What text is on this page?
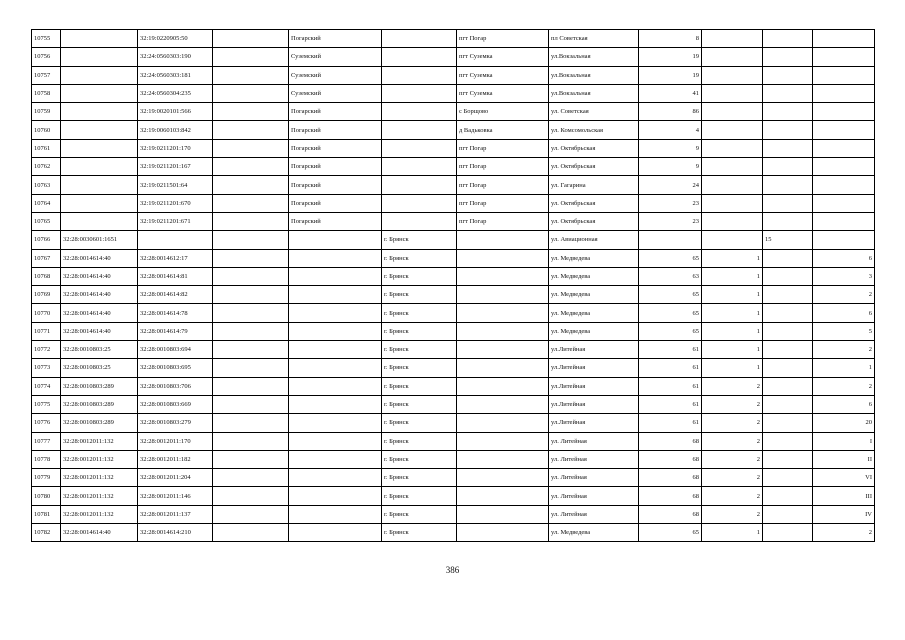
10755		32:19:0220905:50		Погарский		пгт Погар	пл Советская	8			
10756		32:24:0560303:190		Суземский		пгт Суземка	ул.Вокзальная	19			
10757		32:24:0560303:181		Суземский		пгт Суземка	ул.Вокзальная	19			
10758		32:24:0560304:235		Суземский		пгт Суземка	ул.Вокзальная	41			
10759		32:19:0020101:566		Погарский		с Борщово	ул. Советская	86			
10760		32:19:0060103:842		Погарский		д Вадьковка	ул. Комсомольская	4			
10761		32:19:0211201:170		Погарский		пгт Погар	ул. Октябрьская	9			
10762		32:19:0211201:167		Погарский		пгт Погар	ул. Октябрьская	9			
10763		32:19:0211501:64		Погарский		пгт Погар	ул. Гагарина	24			
10764		32:19:0211201:670		Погарский		пгт Погар	ул. Октябрьская	23			
10765		32:19:0211201:671		Погарский		пгт Погар	ул. Октябрьская	23			
10766	32:28:0030601:1651				г. Брянск		ул. Авиационная			15	
10767	32:28:0014614:40	32:28:0014612:17			г. Брянск		ул. Медведева	65	1		6
10768	32:28:0014614:40	32:28:0014614:81			г. Брянск		ул. Медведева	63	1		3
10769	32:28:0014614:40	32:28:0014614:82			г. Брянск		ул. Медведева	65	1		2
10770	32:28:0014614:40	32:28:0014614:78			г. Брянск		ул. Медведева	65	1		6
10771	32:28:0014614:40	32:28:0014614:79			г. Брянск		ул. Медведева	65	1		5
10772	32:28:0010803:25	32:28:0010803:694			г. Брянск		ул.Литейная	61	1		2
10773	32:28:0010803:25	32:28:0010803:695			г. Брянск		ул.Литейная	61	1		1
10774	32:28:0010803:289	32:28:0010803:706			г. Брянск		ул.Литейная	61	2		2
10775	32:28:0010803:289	32:28:0010803:669			г. Брянск		ул.Литейная	61	2		6
10776	32:28:0010803:289	32:28:0010803:279			г. Брянск		ул.Литейная	61	2		20
10777	32:28:0012011:132	32:28:0012011:170			г. Брянск		ул. Литейная	68	2		I
10778	32:28:0012011:132	32:28:0012011:182			г. Брянск		ул. Литейная	68	2		II
10779	32:28:0012011:132	32:28:0012011:204			г. Брянск		ул. Литейная	68	2		VI
10780	32:28:0012011:132	32:28:0012011:146			г. Брянск		ул. Литейная	68	2		III
10781	32:28:0012011:132	32:28:0012011:137			г. Брянск		ул. Литейная	68	2		IV
10782	32:28:0014614:40	32:28:0014614:210			г. Брянск		ул. Медведева	65	1		2
386
